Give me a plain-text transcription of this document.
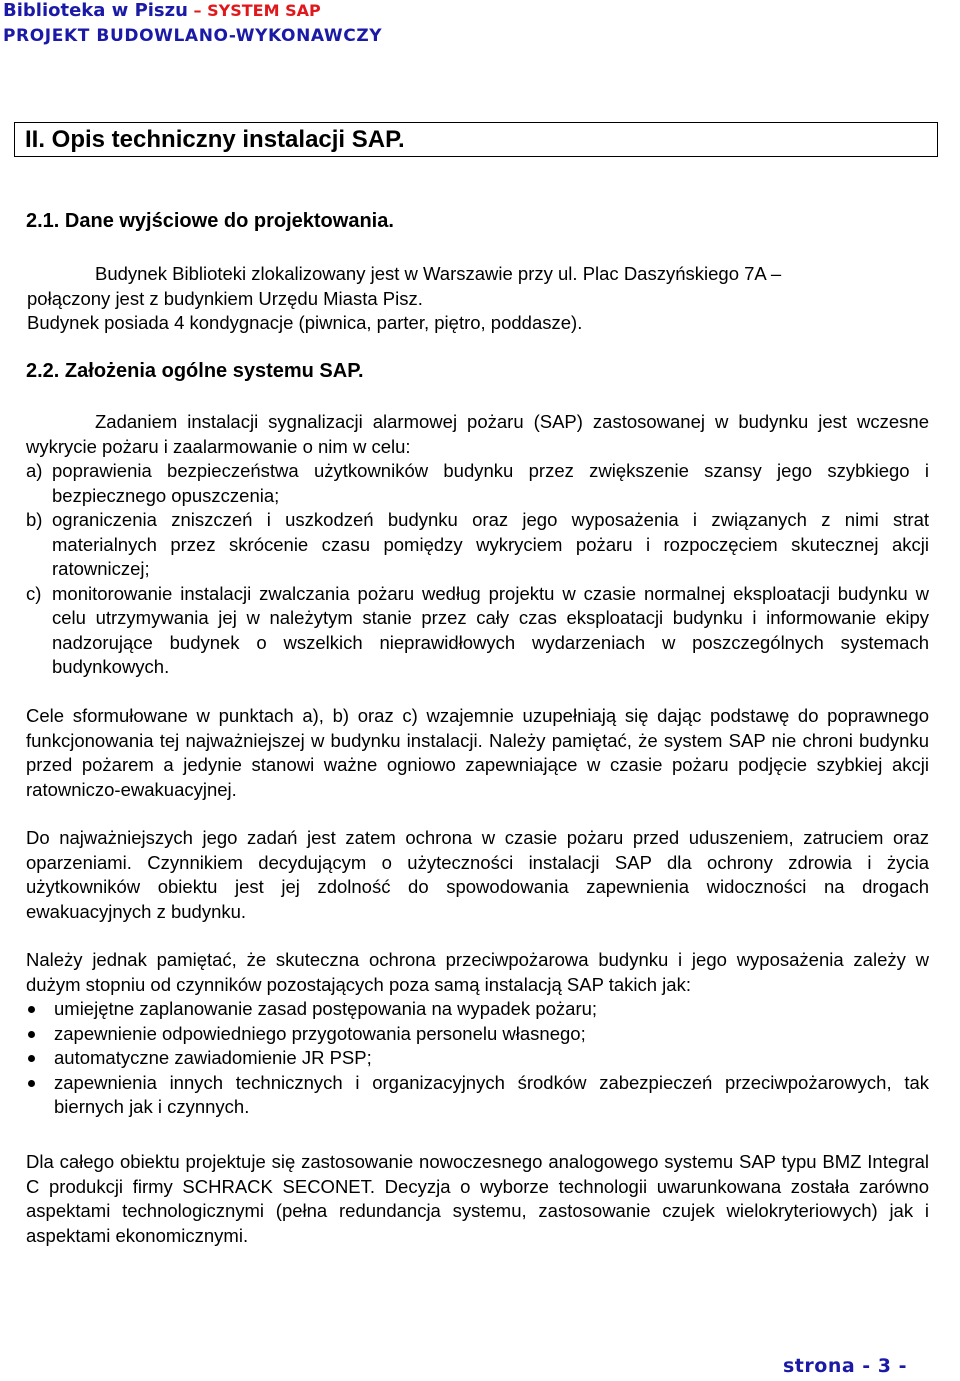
Biblioteka w Piszu – SYSTEM SAP
PROJEKT BUDOWLANO-WYKONAWCZY
II. Opis techniczny instalacji SAP.
2.1. Dane wyjściowe do projektowania.
Budynek Biblioteki zlokalizowany jest w Warszawie przy ul. Plac Daszyńskiego 7A –
połączony jest z budynkiem Urzędu Miasta Pisz.
Budynek posiada 4 kondygnacje (piwnica, parter, piętro, poddasze).
2.2. Założenia ogólne systemu SAP.
Zadaniem instalacji sygnalizacji alarmowej pożaru (SAP) zastosowanej w budynku jest wczesne wykrycie pożaru i zaalarmowanie o nim w celu:
a) poprawienia bezpieczeństwa użytkowników budynku przez zwiększenie szansy jego szybkiego i bezpiecznego opuszczenia;
b) ograniczenia zniszczeń i uszkodzeń budynku oraz jego wyposażenia i związanych z nimi strat materialnych przez skrócenie czasu pomiędzy wykryciem pożaru i rozpoczęciem skutecznej akcji ratowniczej;
c) monitorowanie instalacji zwalczania pożaru według projektu w czasie normalnej eksploatacji budynku w celu utrzymywania jej w należytym stanie przez cały czas eksploatacji budynku i informowanie ekipy nadzorujące budynek o wszelkich nieprawidłowych wydarzeniach w poszczególnych systemach budynkowych.
Cele sformułowane w punktach a), b) oraz c) wzajemnie uzupełniają się dając podstawę do poprawnego funkcjonowania tej najważniejszej w budynku instalacji. Należy pamiętać, że system SAP nie chroni budynku przed pożarem a jedynie stanowi ważne ogniowo zapewniające w czasie pożaru podjęcie szybkiej akcji ratowniczo-ewakuacyjnej.
Do najważniejszych jego zadań jest zatem ochrona w czasie pożaru przed uduszeniem, zatruciem oraz oparzeniami. Czynnikiem decydującym o użyteczności instalacji SAP dla ochrony zdrowia i życia użytkowników obiektu jest jej zdolność do spowodowania zapewnienia widoczności na drogach ewakuacyjnych z budynku.
Należy jednak pamiętać, że skuteczna ochrona przeciwpożarowa budynku i jego wyposażenia zależy w dużym stopniu od czynników pozostających poza samą instalacją SAP takich jak:
umiejętne zaplanowanie zasad postępowania na wypadek pożaru;
zapewnienie odpowiedniego przygotowania personelu własnego;
automatyczne zawiadomienie JR PSP;
zapewnienia innych technicznych i organizacyjnych środków zabezpieczeń przeciwpożarowych, tak biernych jak i czynnych.
Dla całego obiektu projektuje się zastosowanie nowoczesnego analogowego systemu SAP typu BMZ Integral C produkcji firmy SCHRACK SECONET. Decyzja o wyborze technologii uwarunkowana została zarówno aspektami technologicznymi (pełna redundancja systemu, zastosowanie czujek wielokryteriowych) jak i aspektami ekonomicznymi.
strona - 3 -
